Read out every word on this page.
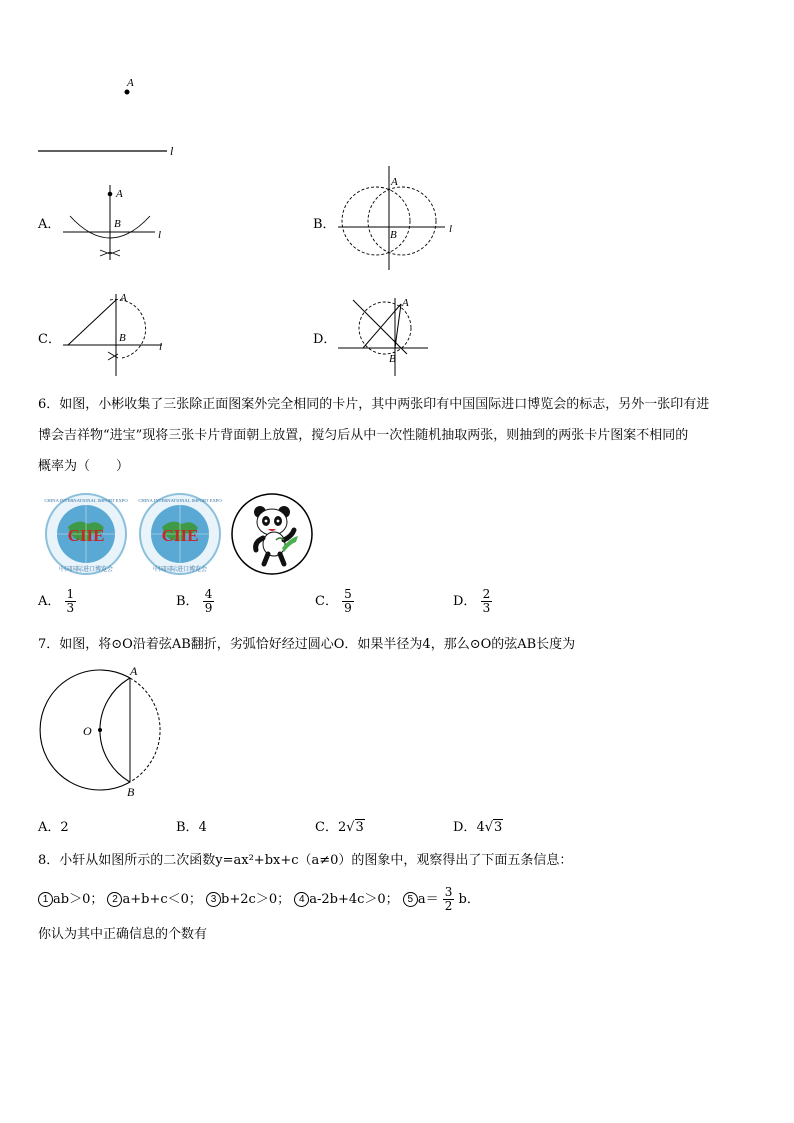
A
l
A．
A
B
l
B．
A
B	l
C．
A
B
l	D．
A
B
6．如图，小彬收集了三张除正面图案外完全相同的卡片，其中两张印有中国国际进口博览会的标志，另外一张印有进
博会吉祥物“进宝”现将三张卡片背面朝上放置，搅匀后从中一次性随机抽取两张，则抽到的两张卡片图案不相同的
概率为（　　）
CIIE
CHINA INTERNATIONAL IMPORT EXPO
中国国际进口博览会
CIIE
CHINA INTERNATIONAL IMPORT EXPO
中国国际进口博览会
A． $\frac{1}{3}$	B． $\frac{4}{9}$	C． $\frac{5}{9}$	D． $\frac{2}{3}$
7．如图，将⊙O沿着弦AB翻折，劣弧恰好经过圆心O．如果半径为4，那么⊙O的弦AB长度为
A
O
B
A．2	B．4	C．2√3	D．4√3
8．小轩从如图所示的二次函数y=ax²+bx+c（a≠0）的图象中，观察得出了下面五条信息：
1 ab＞0； 2 a+b+c＜0； 3 b+2c＞0； 4 a-2b+4c＞0； 5 $a= \frac{3}{2}$ b．
你认为其中正确信息的个数有
